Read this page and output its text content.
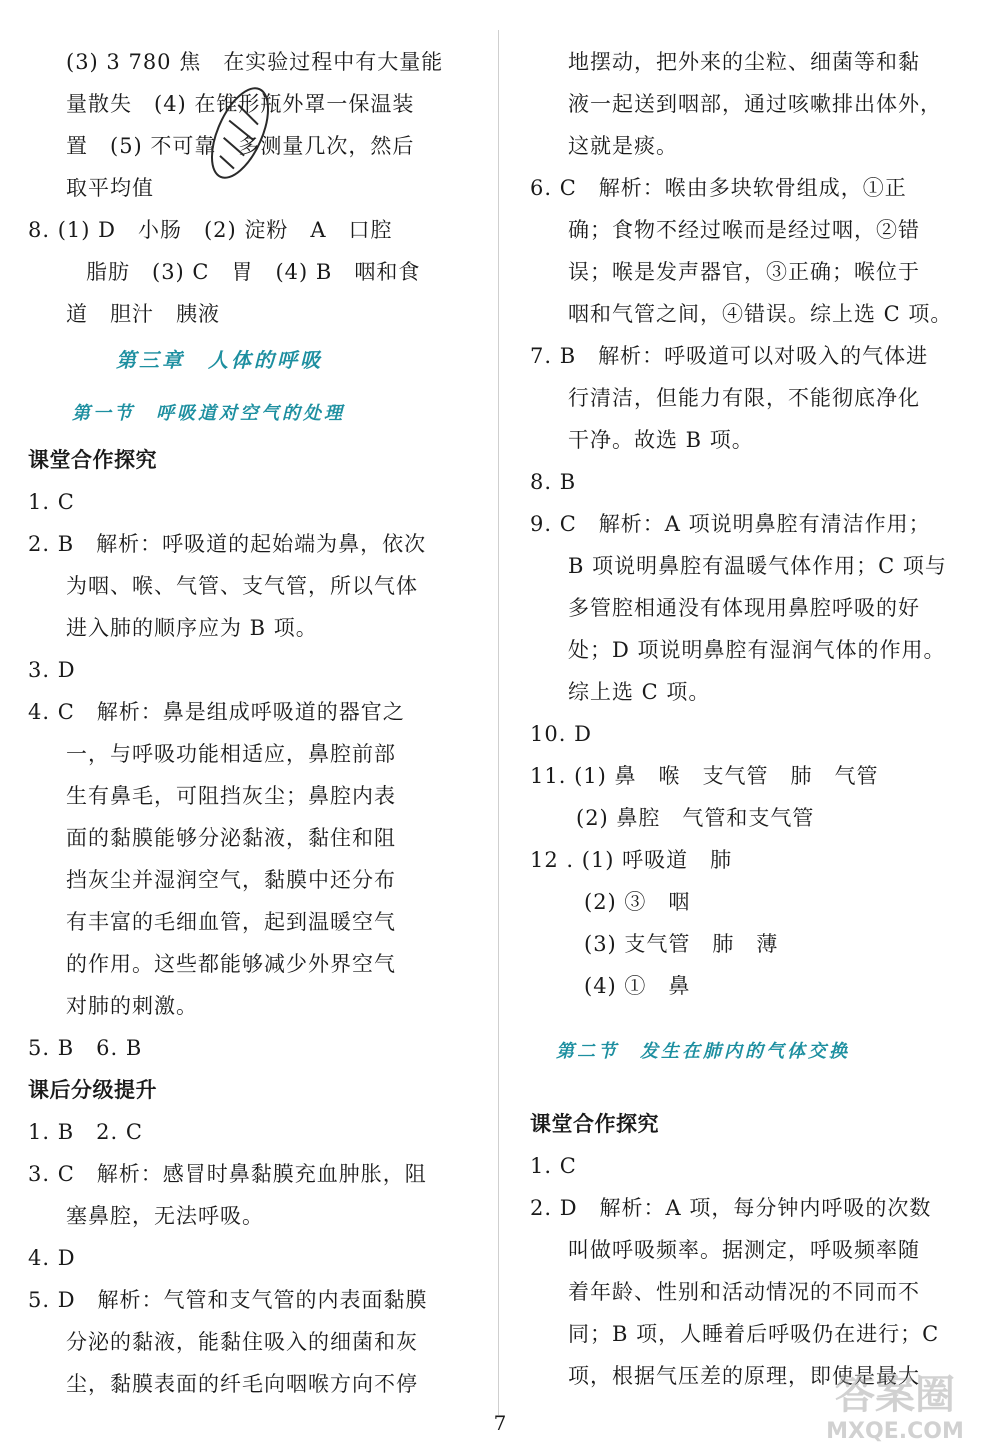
(3) 3 780 焦　在实验过程中有大量能
量散失　(4) 在锥形瓶外罩一保温装
置　(5) 不可靠　多测量几次，然后
取平均值
8. (1) D　小肠　(2) 淀粉　A　口腔
脂肪　(3) C　胃　(4) B　咽和食
道　胆汁　胰液
第三章　人体的呼吸
第一节　呼吸道对空气的处理
课堂合作探究
1. C
2. B　解析：呼吸道的起始端为鼻，依次
为咽、喉、气管、支气管，所以气体
进入肺的顺序应为 B 项。
3. D
4. C　解析：鼻是组成呼吸道的器官之
一，与呼吸功能相适应，鼻腔前部
生有鼻毛，可阻挡灰尘；鼻腔内表
面的黏膜能够分泌黏液，黏住和阻
挡灰尘并湿润空气，黏膜中还分布
有丰富的毛细血管，起到温暖空气
的作用。这些都能够减少外界空气
对肺的刺激。
5. B　6. B
课后分级提升
1. B　2. C
3. C　解析：感冒时鼻黏膜充血肿胀，阻
塞鼻腔，无法呼吸。
4. D
5. D　解析：气管和支气管的内表面黏膜
分泌的黏液，能黏住吸入的细菌和灰
尘，黏膜表面的纤毛向咽喉方向不停
地摆动，把外来的尘粒、细菌等和黏
液一起送到咽部，通过咳嗽排出体外，
这就是痰。
6. C　解析：喉由多块软骨组成，①正
确；食物不经过喉而是经过咽，②错
误；喉是发声器官，③正确；喉位于
咽和气管之间，④错误。综上选 C 项。
7. B　解析：呼吸道可以对吸入的气体进
行清洁，但能力有限，不能彻底净化
干净。故选 B 项。
8. B
9. C　解析：A 项说明鼻腔有清洁作用；
B 项说明鼻腔有温暖气体作用；C 项与
多管腔相通没有体现用鼻腔呼吸的好
处；D 项说明鼻腔有湿润气体的作用。
综上选 C 项。
10. D
11. (1) 鼻　喉　支气管　肺　气管
(2) 鼻腔　气管和支气管
12 . (1) 呼吸道　肺
(2) ③　咽
(3) 支气管　肺　薄
(4) ①　鼻
第二节　发生在肺内的气体交换
课堂合作探究
1. C
2. D　解析：A 项，每分钟内呼吸的次数
叫做呼吸频率。据测定，呼吸频率随
着年龄、性别和活动情况的不同而不
同；B 项，人睡着后呼吸仍在进行；C
项，根据气压差的原理，即使是最大
7
答案圈
MXQE.COM
